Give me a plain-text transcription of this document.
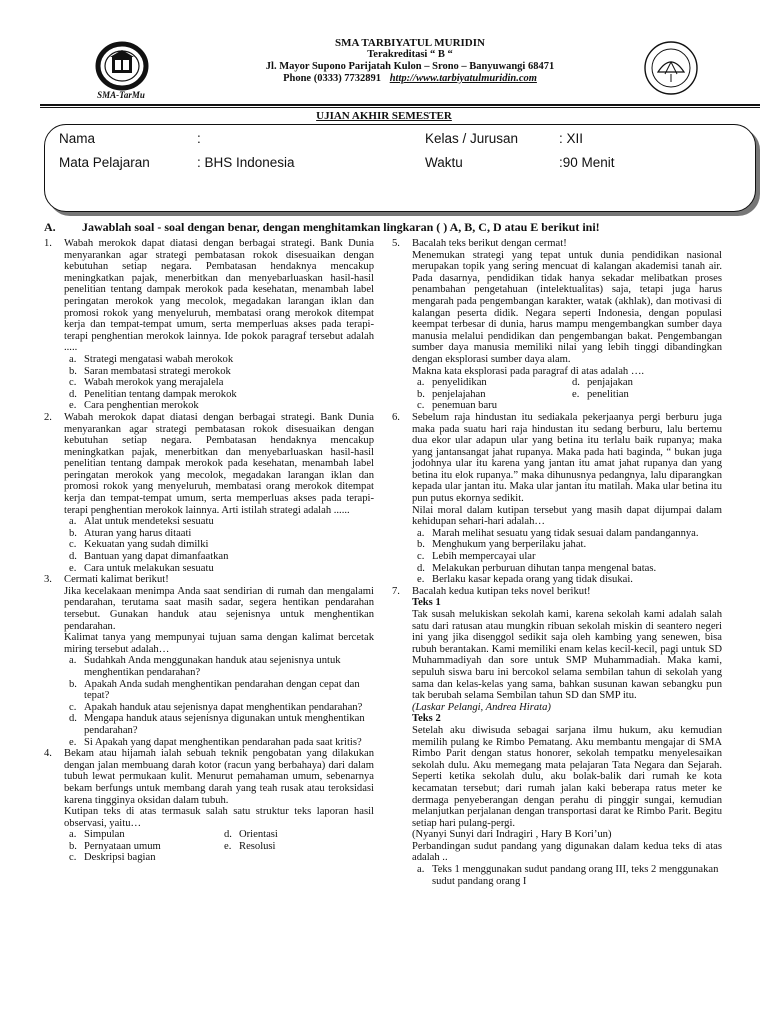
SMA-TarMu
SMA TARBIYATUL MURIDIN
Terakreditasi “ B “
Jl. Mayor Supono Parijatah Kulon – Srono – Banyuwangi 68471
Phone (0333) 7732891 http://www.tarbiyatulmuridin.com
UJIAN AKHIR SEMESTER
Nama	:	Kelas / Jurusan	: XII
Mata Pelajaran	: BHS Indonesia	Waktu	:90 Menit
A. Jawablah soal - soal dengan benar, dengan menghitamkan lingkaran ( ) A, B, C, D atau E berikut ini!
1. Wabah merokok dapat diatasi dengan berbagai strategi. Bank Dunia menyarankan agar strategi pembatasan rokok disesuaikan dengan kebutuhan setiap negara. Pembatasan hendaknya mencakup meningkatkan pajak, menerbitkan dan menyebarluaskan hasil-hasil penelitian tentang dampak merokok pada kesehatan, menambah label peringatan merokok yang mecolok, megadakan larangan iklan dan promosi rokok yang menyeluruh, membatasi orang merokok ditempat kerja dan tempat-tempat umum, serta memperluas akses pada terapi-terapi penghentian merokok lainnya. Ide pokok paragraf tersebut adalah .....

a. Strategi mengatasi wabah merokok
b. Saran membatasi strategi merokok
c. Wabah merokok yang merajalela
d. Penelitian tentang dampak merokok
e. Cara penghentian merokok
2. Wabah merokok dapat diatasi dengan berbagai strategi. Bank Dunia menyarankan agar strategi pembatasan rokok disesuaikan dengan kebutuhan setiap negara. Pembatasan hendaknya mencakup meningkatkan pajak, menerbitkan dan menyebarluaskan hasil-hasil penelitian tentang dampak merokok pada kesehatan, menambah label peringatan merokok yang mecolok, megadakan larangan iklan dan promosi rokok yang menyeluruh, membatasi orang merokok ditempat kerja dan tempat-tempat umum, serta memperluas akses pada terapi-terapi penghentian merokok lainnya. Arti istilah strategi adalah ......

a. Alat untuk mendeteksi sesuatu
b. Aturan yang harus ditaati
c. Kekuatan yang sudah dimilki
d. Bantuan yang dapat dimanfaatkan
e. Cara untuk melakukan sesuatu
3. Cermati kalimat berikut!

Jika kecelakaan menimpa Anda saat sendirian di rumah dan mengalami pendarahan, terutama saat masih sadar, segera hentikan pendarahan tersebut. Gunakan handuk atau sejenisnya untuk menghentikan pendarahan.

Kalimat tanya yang mempunyai tujuan sama dengan kalimat bercetak miring tersebut adalah…

a. Sudahkah Anda menggunakan handuk atau sejenisnya untuk menghentikan pendarahan?
b. Apakah Anda sudah menghentikan pendarahan dengan cepat dan tepat?
c. Apakah handuk atau sejenisnya dapat menghentikan pendarahan?
d. Mengapa handuk ataus sejenisnya digunakan untuk menghentikan pendarahan?
e. Si Apakah yang dapat menghentikan pendarahan pada saat kritis?
4. Bekam atau hijamah ialah sebuah teknik pengobatan yang dilakukan dengan jalan membuang darah kotor (racun yang berbahaya) dari dalam tubuh lewat permukaan kulit. Menurut pemahaman umum, sebenarnya bekam berfungs untuk membang darah yang teah rusak atau teroksidasi karena tingginya oksidan dalam tubuh.

Kutipan teks di atas termasuk salah satu struktur teks laporan hasil observasi, yaitu…

a. Simpulan	d. Orientasi
b. Pernyataan umum	e. Resolusi
c. Deskripsi bagian
5. Bacalah teks berikut dengan cermat!

Menemukan strategi yang tepat untuk dunia pendidikan nasional merupakan topik yang sering mencuat di kalangan akademisi tanah air. Pada dasarnya, pendidikan tidak hanya sekadar melibatkan proses penambahan pengetahuan (intelektualitas) saja, tetapi juga harus mengarah pada pengembangan karakter, watak (akhlak), dan motivasi di kalangan peserta didik. Negara seperti Indonesia, dengan populasi keempat terbesar di dunia, harus mampu mengembangkan sumber daya manusia melalui pendidikan dan pengembangan bakat. Pengembangan sumber daya manusia memiliki nilai yang lebih tinggi dibandingkan dengan eksplorasi sumber daya alam.

Makna kata eksplorasi pada paragraf di atas adalah ….

a. penyelidikan	d. penjajakan
b. penjelajahan	e. penelitian
c. penemuan baru
6. Sebelum raja hindustan itu sediakala pekerjaanya pergi berburu juga maka pada suatu hari raja hindustan itu sedang berburu, lalu bertemu dua ekor ular adapun ular yang betina itu terlalu baik rupanya; maka yang jantansangat jahat rupanya. Maka pada hati baginda, “ bukan juga jodohnya ular itu karena yang jantan itu amat jahat rupanya dan yang betina itu elok rupanya.” maka dihunusnya pedangnya, lalu diparangkan kepada ular jantan itu. Maka ular jantan itu matilah. Maka ular betina itu pun putus ekornya sedikit.

Nilai moral dalam kutipan tersebut yang masih dapat dijumpai dalam kehidupan sehari-hari adalah…

a. Marah melihat sesuatu yang tidak sesuai dalam pandangannya.
b. Menghukum yang berperilaku jahat.
c. Lebih mempercayai ular
d. Melakukan perburuan dihutan tanpa mengenal batas.
e. Berlaku kasar kepada orang yang tidak disukai.
7. Bacalah kedua kutipan teks novel berikut!

Teks 1

Tak susah melukiskan sekolah kami, karena sekolah kami adalah salah satu dari ratusan atau mungkin ribuan sekolah miskin di seantero negeri ini yang jika disenggol sedikit saja oleh kambing yang senewen, bisa rubuh berantakan. Kami memiliki enam kelas kecil-kecil, pagi untuk SD Muhammadiyah dan sore untuk SMP Muhammadiah. Maka kami, sepuluh siswa baru ini bercokol selama sembilan tahun di sekolah yang sama dan kelas-kelas yang sama, bahkan susunan kawan sebangku pun tak berubah selama Sembilan tahun SD dan SMP itu.

(Laskar Pelangi, Andrea Hirata)

Teks 2

Setelah aku diwisuda sebagai sarjana ilmu hukum, aku kemudian memilih pulang ke Rimbo Pematang. Aku membantu mengajar di SMA Rimbo Parit dengan status honorer, sekolah tempatku menyelesaikan sekolah dulu. Aku memegang mata pelajaran Tata Negara dan Sejarah. Seperti ketika sekolah dulu, aku bolak-balik dari rumah ke kota kecamatan tersebut; dari rumah jalan kaki beberapa ratus meter ke dermaga penyeberangan dengan perahu di pinggir sungai, kemudian melanjutkan perjalanan dengan transportasi darat ke Rimbo Parit. Begitu setiap hari pulang-pergi.

(Nyanyi Sunyi dari Indragiri , Hary B Kori’un)

Perbandingan sudut pandang yang digunakan dalam kedua teks di atas adalah ..

a. Teks 1 menggunakan sudut pandang orang III, teks 2 menggunakan sudut pandang orang I
